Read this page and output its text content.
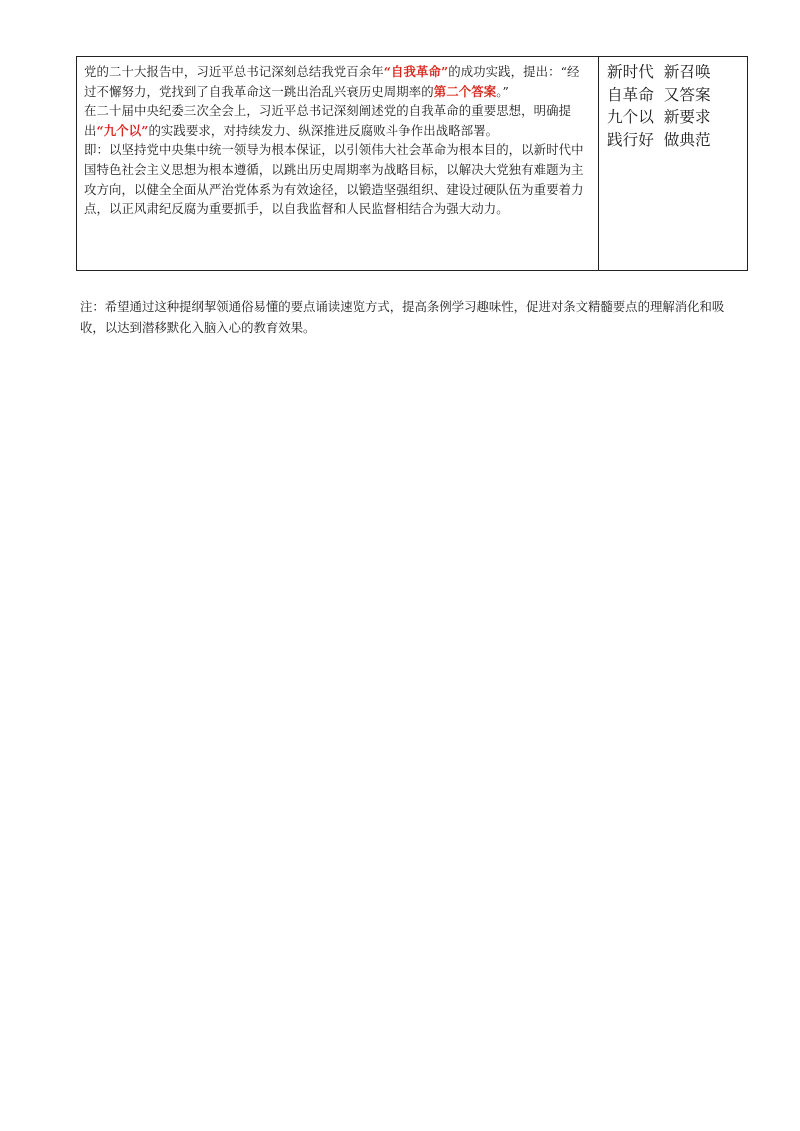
党的二十大报告中，习近平总书记深刻总结我党百余年“自我革命”的成功实践，提出：“经过不懈努力，党找到了自我革命这一跳出治乱兴衰历史周期率的第二个答案。”

在二十届中央纪委三次全会上，习近平总书记深刻阐述党的自我革命的重要思想，明确提出“九个以”的实践要求，对持续发力、纵深推进反腐败斗争作出战略部署。

即：以坚持党中央集中统一领导为根本保证，以引领伟大社会革命为根本目的，以新时代中国特色社会主义思想为根本遵循，以跳出历史周期率为战略目标，以解决大党独有难题为主攻方向，以健全全面从严治党体系为有效途径，以锻造坚强组织、建设过硬队伍为重要着力点，以正风肃纪反腐为重要抓手，以自我监督和人民监督相结合为强大动力。

新时代 新召唤
自革命 又答案
九个以 新要求
践行好 做典范

注：希望通过这种提纲挈领通俗易懂的要点诵读速览方式，提高条例学习趣味性，促进对条文精髓要点的理解消化和吸收，以达到潜移默化入脑入心的教育效果。
